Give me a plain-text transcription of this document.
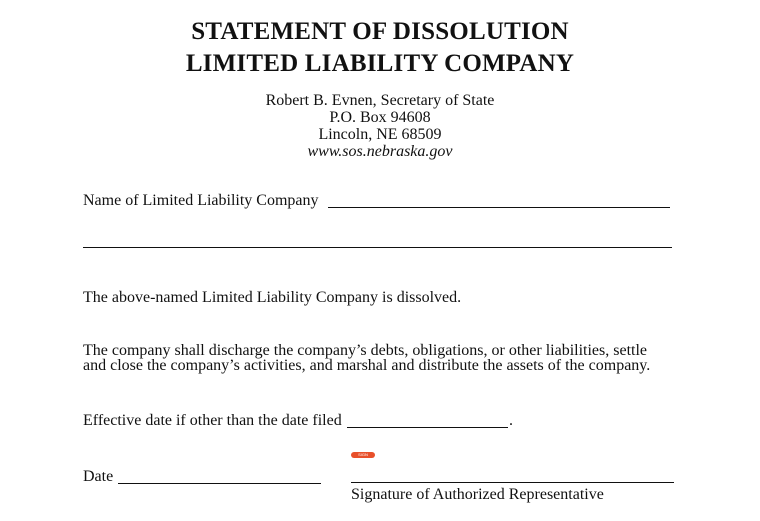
STATEMENT OF DISSOLUTION
LIMITED LIABILITY COMPANY
Robert B. Evnen, Secretary of State
P.O. Box 94608
Lincoln, NE 68509
www.sos.nebraska.gov
Name of Limited Liability Company
The above-named Limited Liability Company is dissolved.
The company shall discharge the company’s debts, obligations, or other liabilities, settle
and close the company’s activities, and marshal and distribute the assets of the company.
Effective date if other than the date filed	.
Date
SIGN
Signature of Authorized Representative
